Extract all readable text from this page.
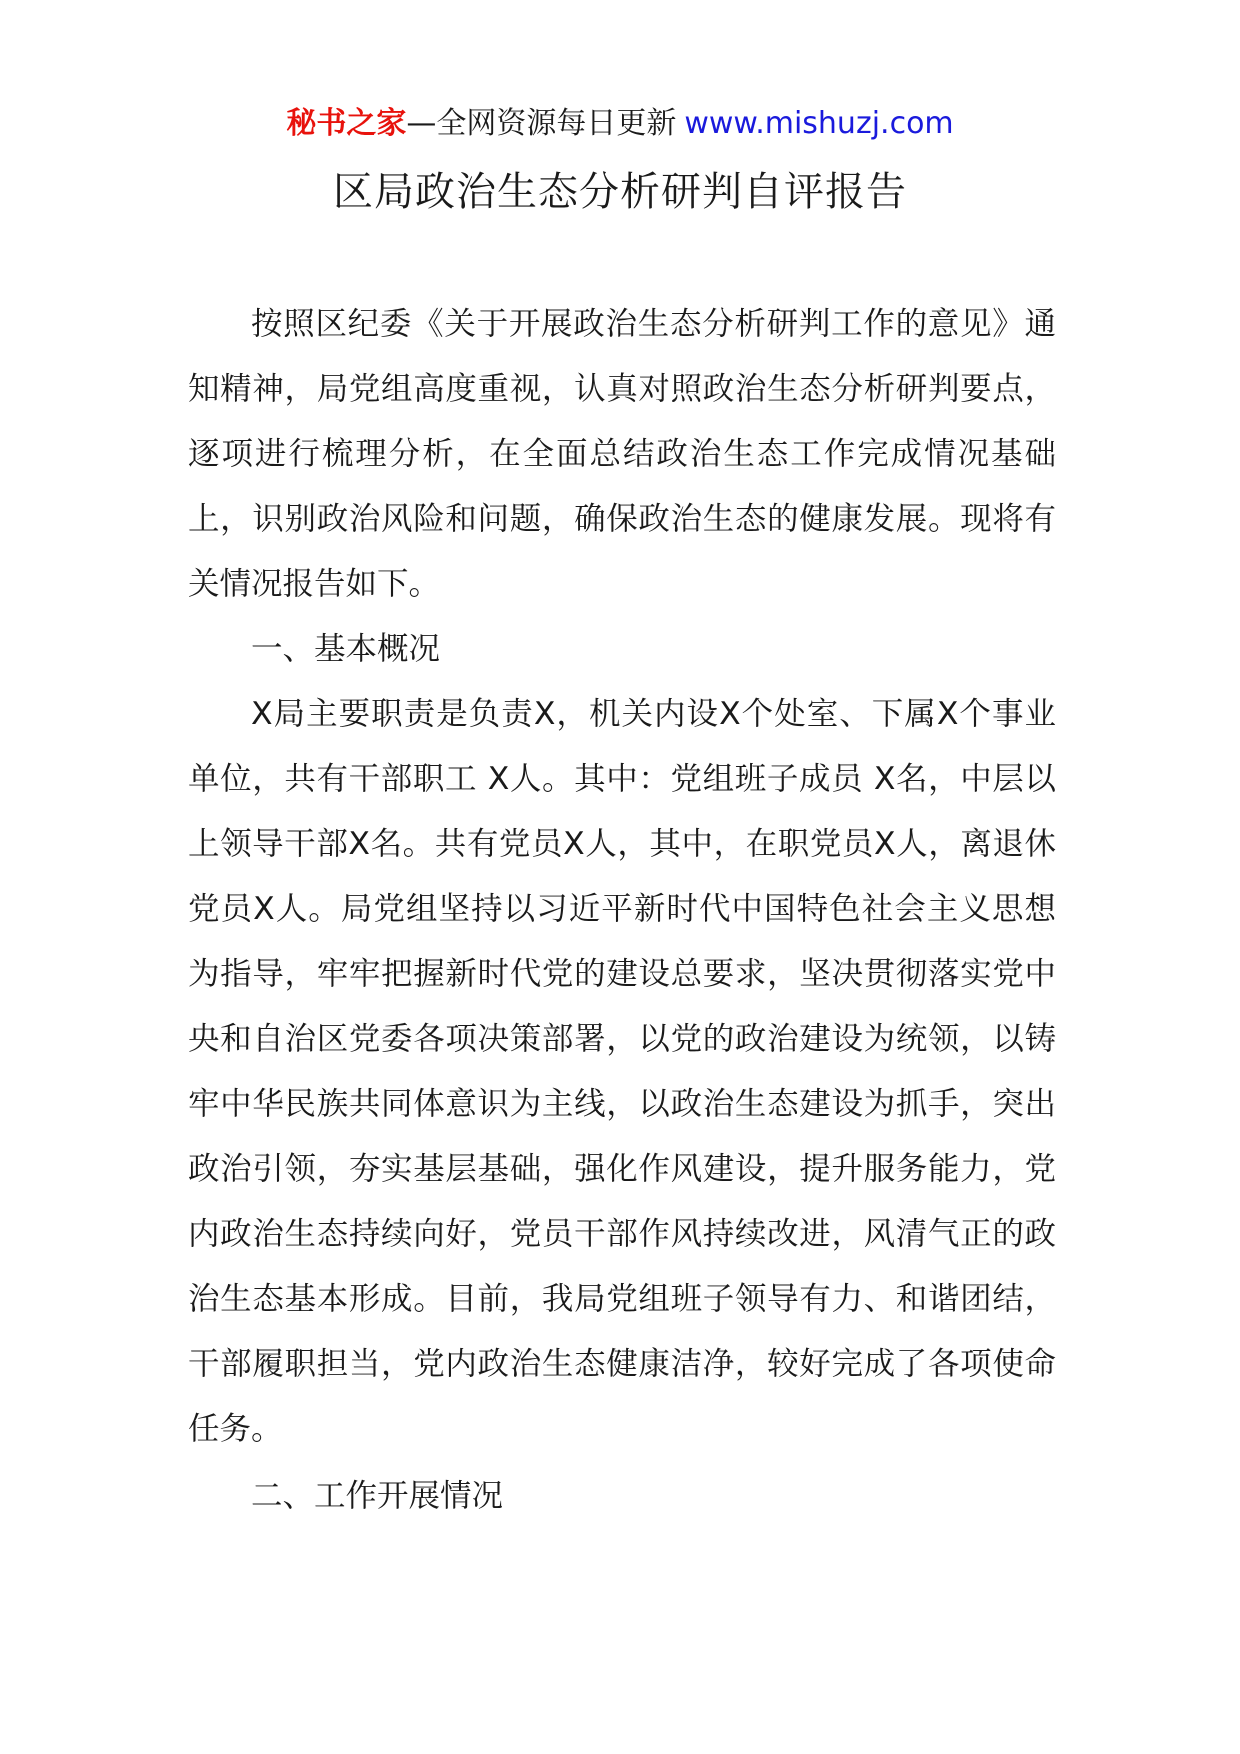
秘书之家—全网资源每日更新 www.mishuzj.com
区局政治生态分析研判自评报告

按照区纪委《关于开展政治生态分析研判工作的意见》通知精神，局党组高度重视，认真对照政治生态分析研判要点，逐项进行梳理分析，在全面总结政治生态工作完成情况基础上，识别政治风险和问题，确保政治生态的健康发展。现将有关情况报告如下。

一、基本概况

X局主要职责是负责X，机关内设X个处室、下属X个事业单位，共有干部职工 X人。其中：党组班子成员 X名，中层以上领导干部X名。共有党员X人，其中，在职党员X人，离退休党员X人。局党组坚持以习近平新时代中国特色社会主义思想为指导，牢牢把握新时代党的建设总要求，坚决贯彻落实党中央和自治区党委各项决策部署，以党的政治建设为统领，以铸牢中华民族共同体意识为主线，以政治生态建设为抓手，突出政治引领，夯实基层基础，强化作风建设，提升服务能力，党内政治生态持续向好，党员干部作风持续改进，风清气正的政治生态基本形成。目前，我局党组班子领导有力、和谐团结，干部履职担当，党内政治生态健康洁净，较好完成了各项使命任务。

二、工作开展情况
